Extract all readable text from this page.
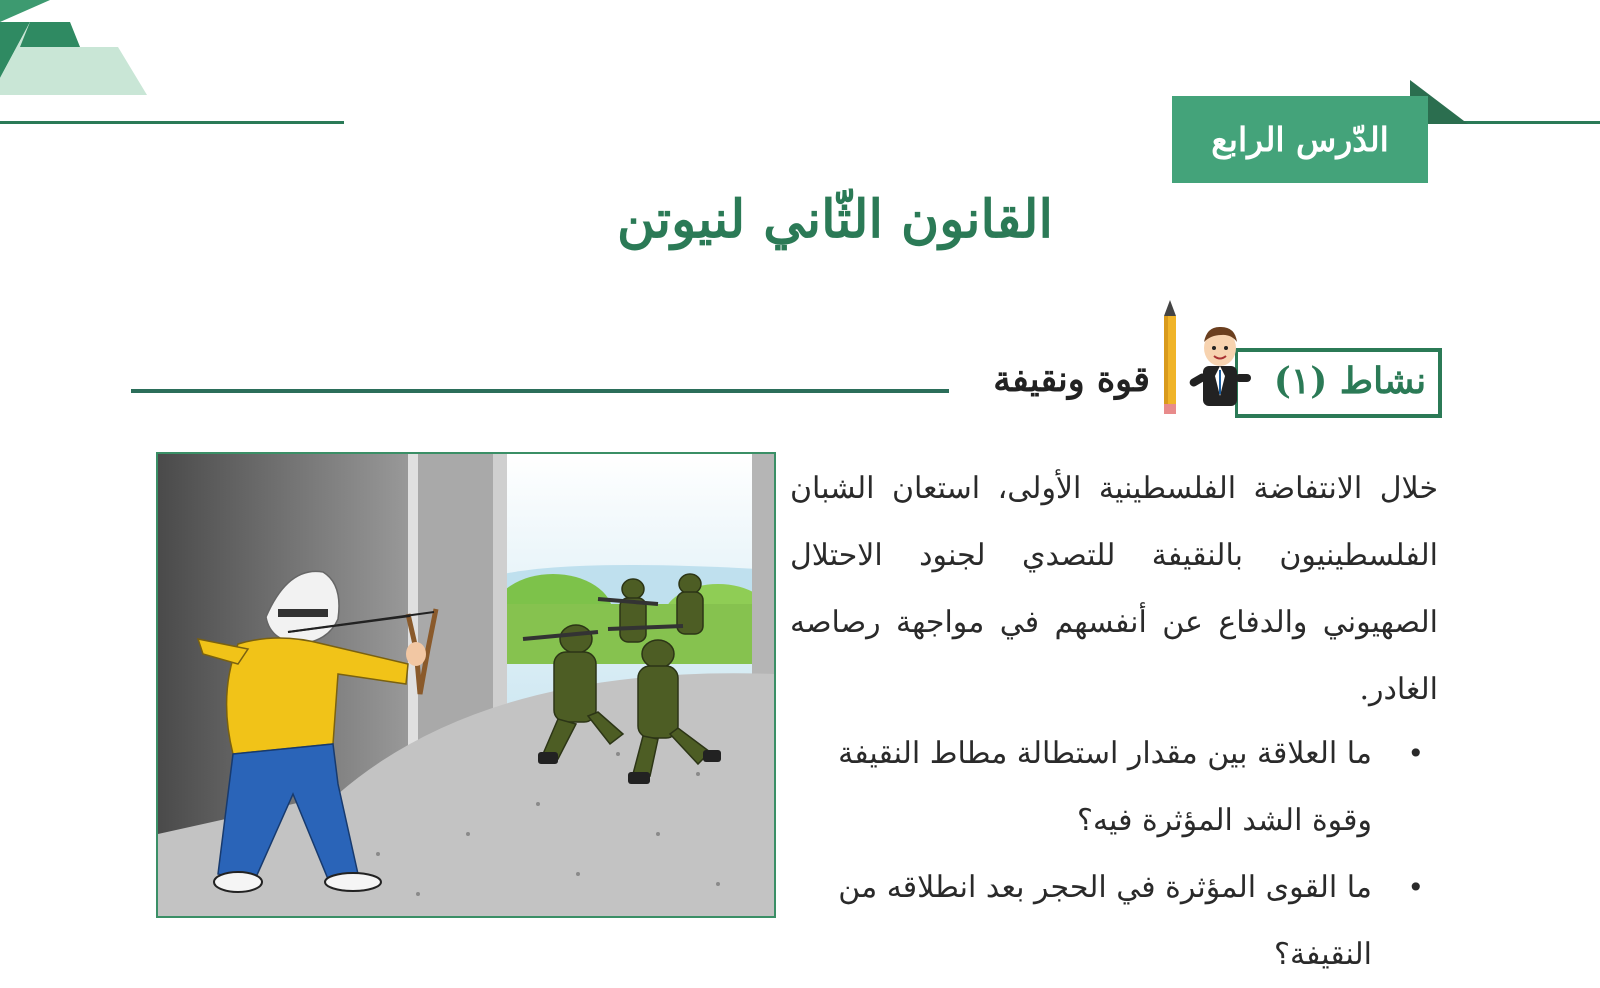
الدّرس الرابع
القانون الثّاني لنيوتن
نشاط (١)
قوة ونقيفة
خلال الانتفاضة الفلسطينية الأولى، استعان الشبان الفلسطينيون بالنقيفة للتصدي لجنود الاحتلال الصهيوني والدفاع عن أنفسهم في مواجهة رصاصه الغادر.
•
ما العلاقة بين مقدار استطالة مطاط النقيفة وقوة الشد المؤثرة فيه؟
•
ما القوى المؤثرة في الحجر بعد انطلاقه من النقيفة؟
